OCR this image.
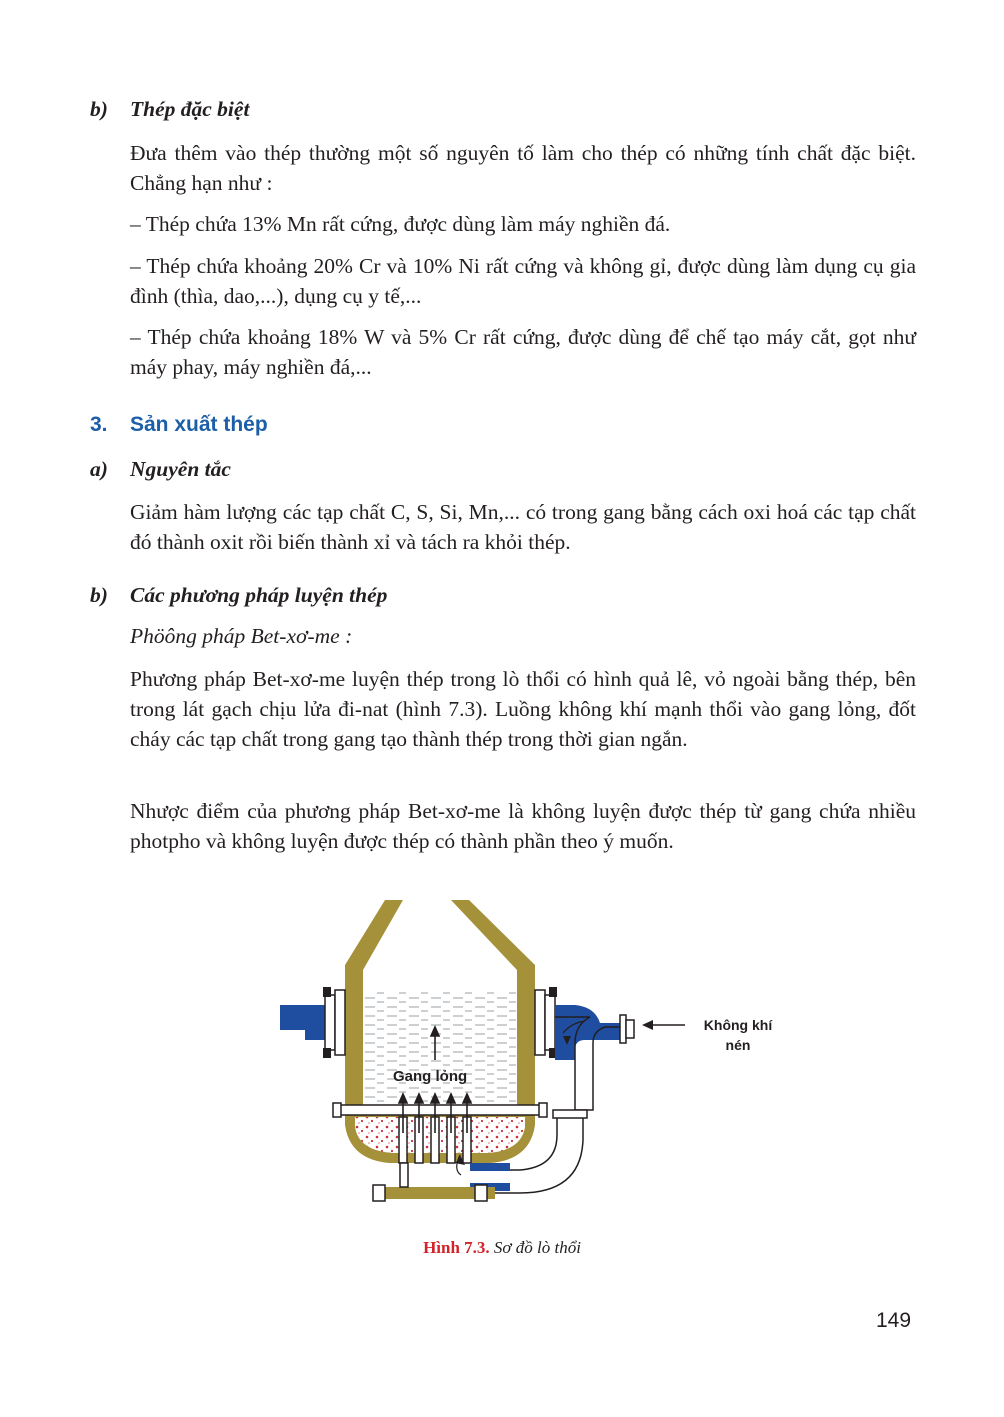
b) Thép đặc biệt
Đưa thêm vào thép thường một số nguyên tố làm cho thép có những tính chất đặc biệt. Chẳng hạn như :
– Thép chứa 13% Mn rất cứng, được dùng làm máy nghiền đá.
– Thép chứa khoảng 20% Cr và 10% Ni rất cứng và không gỉ, được dùng làm dụng cụ gia đình (thìa, dao,...), dụng cụ y tế,...
– Thép chứa khoảng 18% W và 5% Cr rất cứng, được dùng để chế tạo máy cắt, gọt như máy phay, máy nghiền đá,...
3. Sản xuất thép
a) Nguyên tắc
Giảm hàm lượng các tạp chất C, S, Si, Mn,... có trong gang bằng cách oxi hoá các tạp chất đó thành oxit rồi biến thành xỉ và tách ra khỏi thép.
b) Các phương pháp luyện thép
Phöông pháp Bet-xơ-me :
Phương pháp Bet-xơ-me luyện thép trong lò thổi có hình quả lê, vỏ ngoài bằng thép, bên trong lát gạch chịu lửa đi-nat (hình 7.3). Luồng không khí mạnh thổi vào gang lỏng, đốt cháy các tạp chất trong gang tạo thành thép trong thời gian ngắn.
Nhược điểm của phương pháp Bet-xơ-me là không luyện được thép từ gang chứa nhiều photpho và không luyện được thép có thành phần theo ý muốn.
Không khí
nén
Gang lỏng
Hình 7.3. Sơ đồ lò thổi
149
